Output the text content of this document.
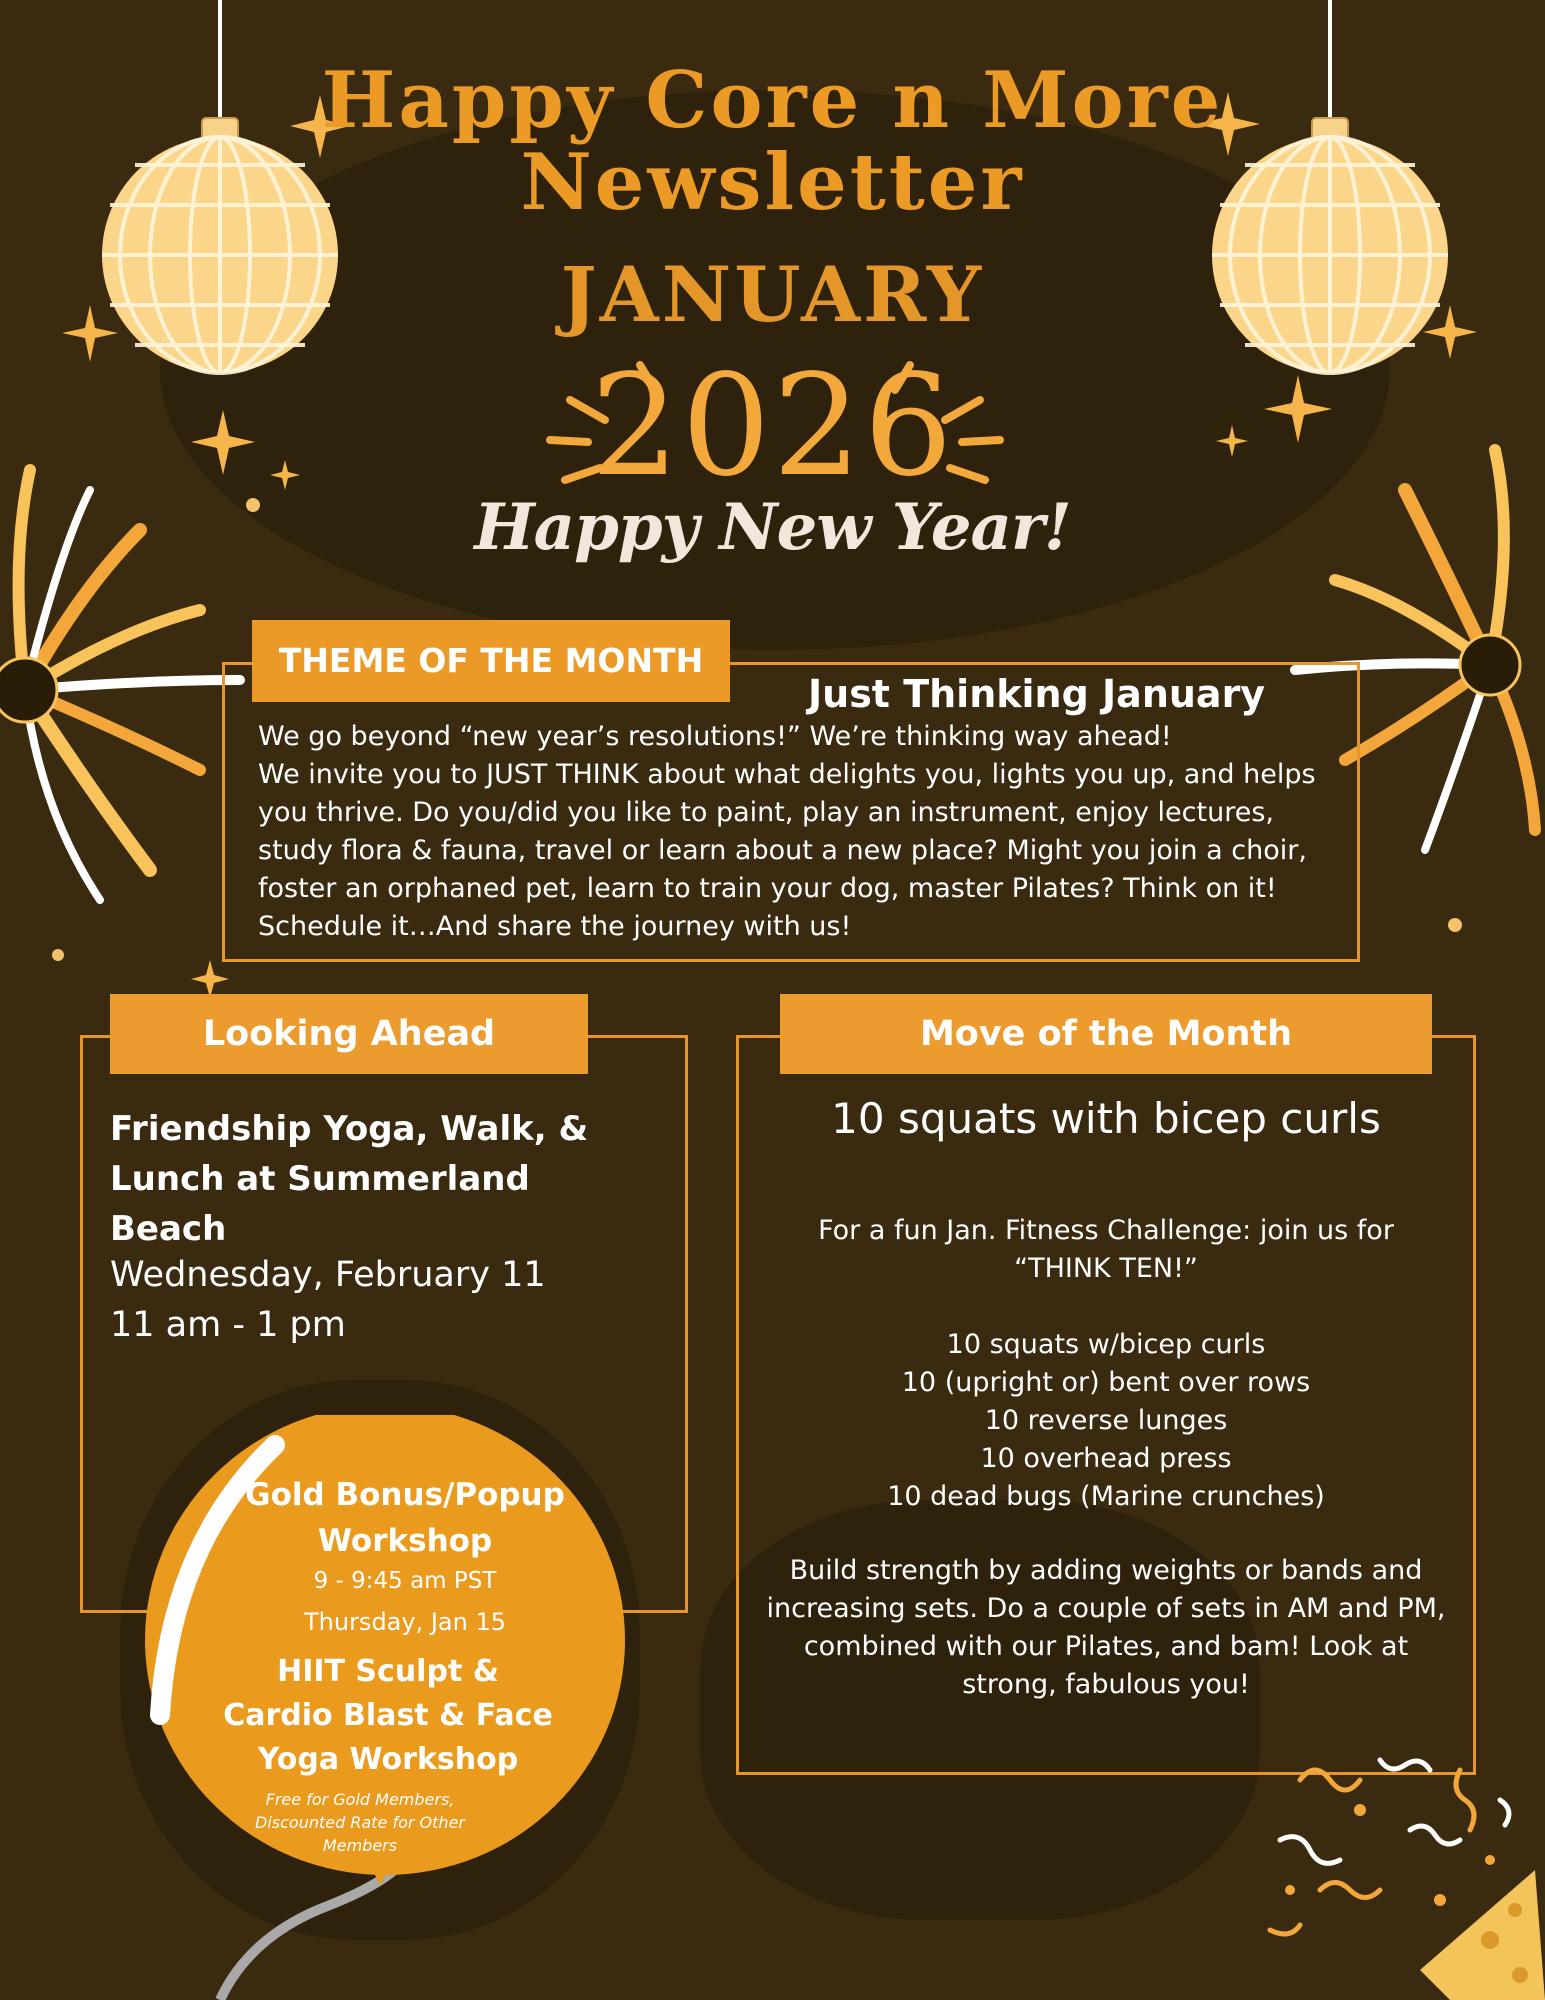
Happy Core n More
Newsletter
JANUARY
2026
Happy New Year!
THEME OF THE MONTH
Just Thinking January

We go beyond “new year’s resolutions!” We’re thinking way ahead!

We invite you to JUST THINK about what delights you, lights you up, and helps you thrive. Do you/did you like to paint, play an instrument, enjoy lectures, study flora & fauna, travel or learn about a new place? Might you join a choir, foster an orphaned pet, learn to train your dog, master Pilates? Think on it! Schedule it…And share the journey with us!

Looking Ahead
Friendship Yoga, Walk, & Lunch at Summerland Beach
Wednesday, February 11
11 am - 1 pm
Gold Bonus/Popup Workshop
9 - 9:45 am PST
Thursday, Jan 15
HIIT Sculpt & Cardio Blast & Face Yoga Workshop
Free for Gold Members, Discounted Rate for Other Members
Move of the Month
10 squats with bicep curls

For a fun Jan. Fitness Challenge: join us for

“THINK TEN!”

10 squats w/bicep curls

10 (upright or) bent over rows

10 reverse lunges

10 overhead press

10 dead bugs (Marine crunches)

Build strength by adding weights or bands and

increasing sets. Do a couple of sets in AM and PM,

combined with our Pilates, and bam! Look at

strong, fabulous you!
